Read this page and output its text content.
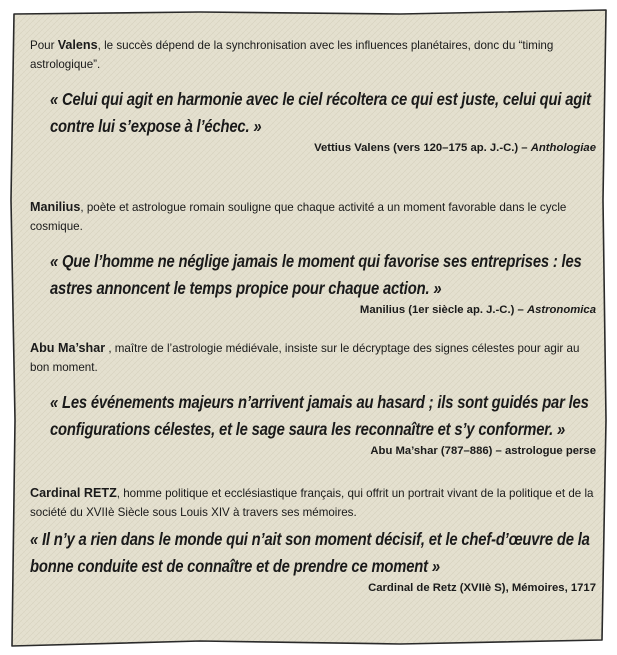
Pour Valens, le succès dépend de la synchronisation avec les influences planétaires, donc du “timing astrologique”.

« Celui qui agit en harmonie avec le ciel récoltera ce qui est juste, celui qui agit

contre lui s’expose à l’échec. »

Vettius Valens (vers 120–175 ap. J.-C.) – Anthologiae

Manilius, poète et astrologue romain souligne que chaque activité a un moment favorable dans le cycle cosmique.

« Que l’homme ne néglige jamais le moment qui favorise ses entreprises : les

astres annoncent le temps propice pour chaque action. »

Manilius (1er siècle ap. J.-C.) – Astronomica

Abu Ma’shar , maître de l’astrologie médiévale, insiste sur le décryptage des signes célestes pour agir au bon moment.

« Les événements majeurs n’arrivent jamais au hasard ; ils sont guidés par les

configurations célestes, et le sage saura les reconnaître et s’y conformer. »

Abu Ma’shar (787–886) – astrologue perse

Cardinal RETZ, homme politique et ecclésiastique français, qui offrit un portrait vivant de la politique et de la société du XVIIè Siècle sous Louis XIV à travers ses mémoires.

« Il n’y a rien dans le monde qui n’ait son moment décisif, et le chef-d’œuvre de la

bonne conduite est de connaître et de prendre ce moment »

Cardinal de Retz (XVIIè S), Mémoires, 1717
